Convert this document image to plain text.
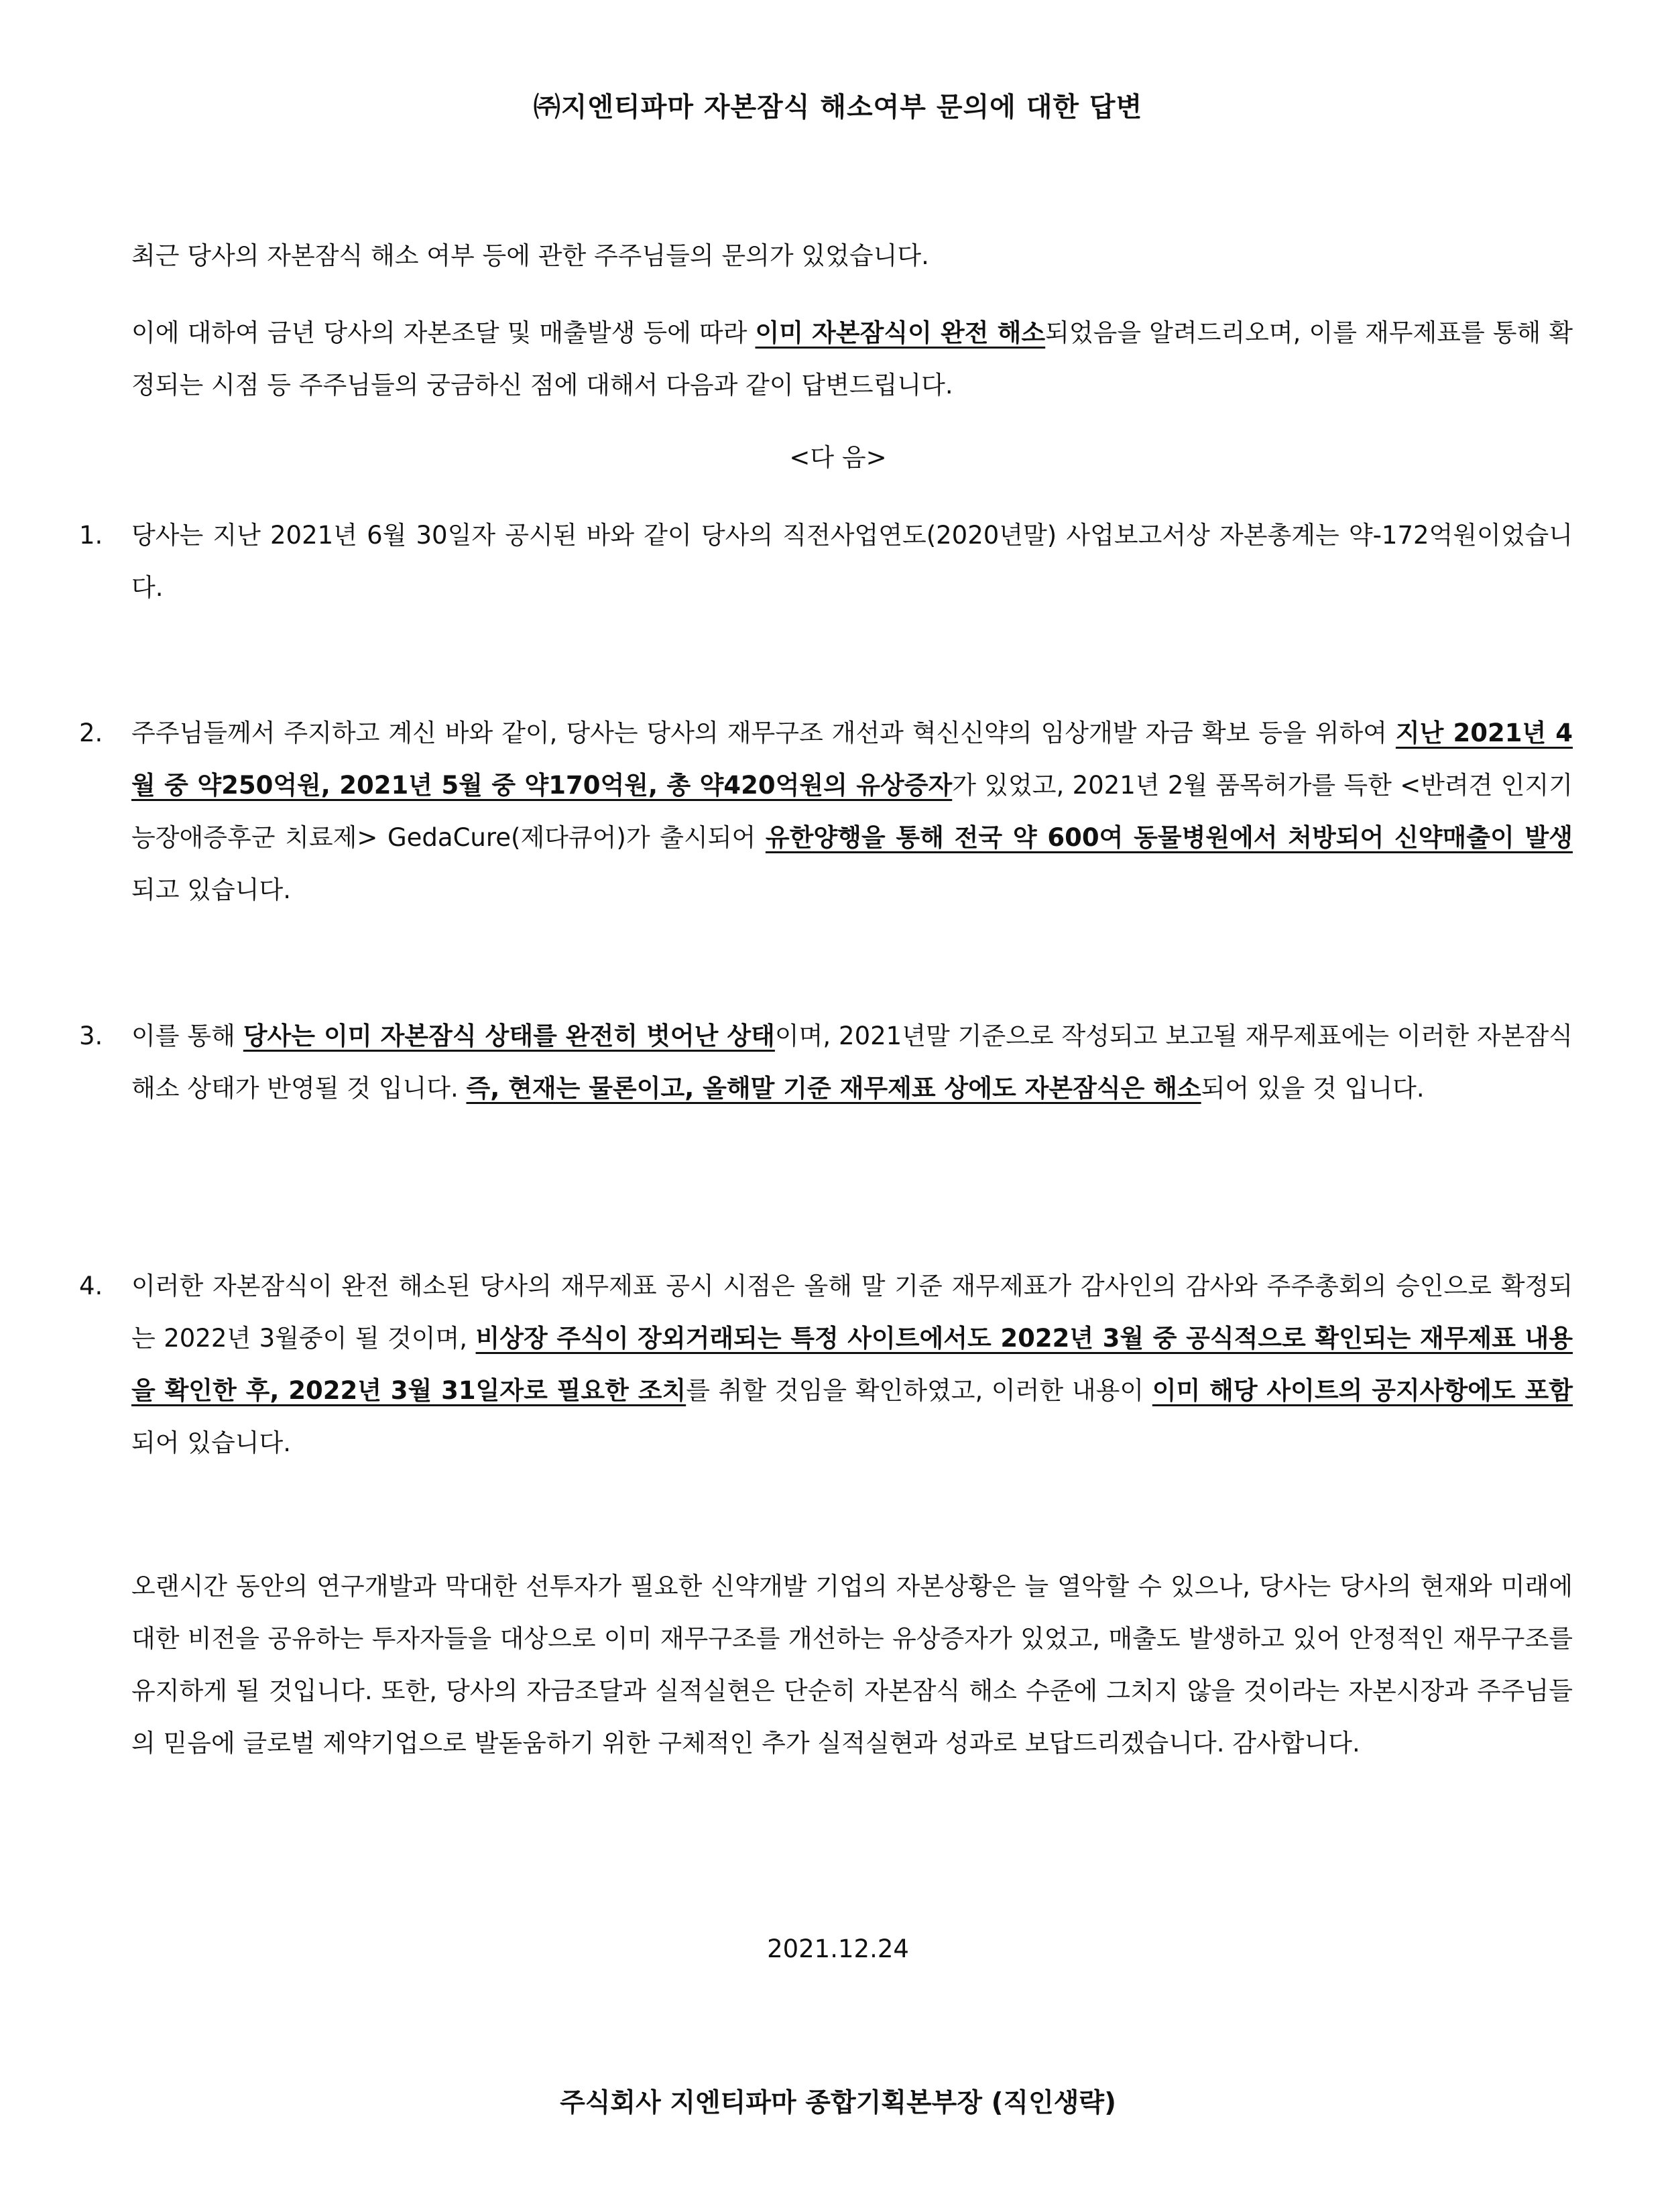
㈜지엔티파마 자본잠식 해소여부 문의에 대한 답변

최근 당사의 자본잠식 해소 여부 등에 관한 주주님들의 문의가 있었습니다.

이에 대하여 금년 당사의 자본조달 및 매출발생 등에 따라 이미 자본잠식이 완전 해소되었음을 알려드리오며, 이를 재무제표를 통해 확정되는 시점 등 주주님들의 궁금하신 점에 대해서 다음과 같이 답변드립니다.

<다 음>
1. 당사는 지난 2021년 6월 30일자 공시된 바와 같이 당사의 직전사업연도(2020년말) 사업보고서상 자본총계는 약-172억원이었습니다.

2. 주주님들께서 주지하고 계신 바와 같이, 당사는 당사의 재무구조 개선과 혁신신약의 임상개발 자금 확보 등을 위하여 지난 2021년 4월 중 약250억원, 2021년 5월 중 약170억원, 총 약420억원의 유상증자가 있었고, 2021년 2월 품목허가를 득한 <반려견 인지기능장애증후군 치료제> GedaCure(제다큐어)가 출시되어 유한양행을 통해 전국 약 600여 동물병원에서 처방되어 신약매출이 발생되고 있습니다.

3. 이를 통해 당사는 이미 자본잠식 상태를 완전히 벗어난 상태이며, 2021년말 기준으로 작성되고 보고될 재무제표에는 이러한 자본잠식 해소 상태가 반영될 것 입니다. 즉, 현재는 물론이고, 올해말 기준 재무제표 상에도 자본잠식은 해소되어 있을 것 입니다.

4. 이러한 자본잠식이 완전 해소된 당사의 재무제표 공시 시점은 올해 말 기준 재무제표가 감사인의 감사와 주주총회의 승인으로 확정되는 2022년 3월중이 될 것이며, 비상장 주식이 장외거래되는 특정 사이트에서도 2022년 3월 중 공식적으로 확인되는 재무제표 내용을 확인한 후, 2022년 3월 31일자로 필요한 조치를 취할 것임을 확인하였고, 이러한 내용이 이미 해당 사이트의 공지사항에도 포함되어 있습니다.

오랜시간 동안의 연구개발과 막대한 선투자가 필요한 신약개발 기업의 자본상황은 늘 열악할 수 있으나, 당사는 당사의 현재와 미래에 대한 비전을 공유하는 투자자들을 대상으로 이미 재무구조를 개선하는 유상증자가 있었고, 매출도 발생하고 있어 안정적인 재무구조를 유지하게 될 것입니다. 또한, 당사의 자금조달과 실적실현은 단순히 자본잠식 해소 수준에 그치지 않을 것이라는 자본시장과 주주님들의 믿음에 글로벌 제약기업으로 발돋움하기 위한 구체적인 추가 실적실현과 성과로 보답드리겠습니다. 감사합니다.

2021.12.24
주식회사 지엔티파마 종합기획본부장 (직인생략)
